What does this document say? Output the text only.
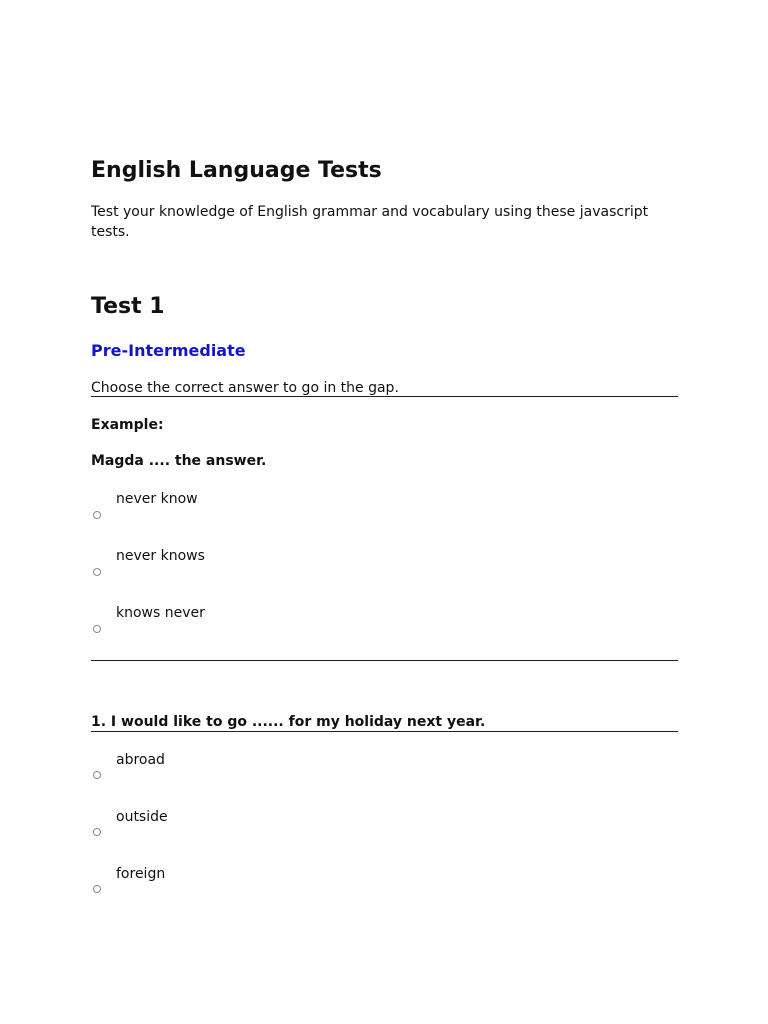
English Language Tests

Test your knowledge of English grammar and vocabulary using these javascript tests.

Test 1
Pre-Intermediate
Choose the correct answer to go in the gap.
Example:
Magda .... the answer.
never know
never knows
knows never
1. I would like to go ...... for my holiday next year.
abroad
outside
foreign
